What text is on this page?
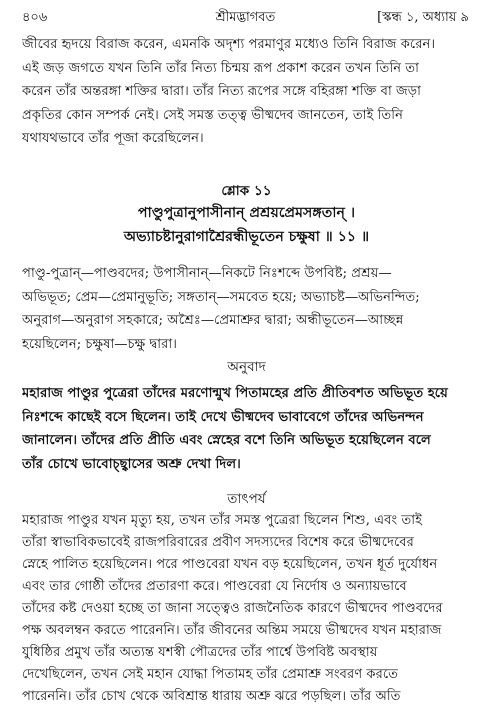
৪০৬	শ্রীমদ্ভাগবত	[স্কন্ধ ১, অধ্যায় ৯
জীবের হৃদয়ে বিরাজ করেন, এমনকি অদৃশ্য পরমাণুর মধ্যেও তিনি বিরাজ করেন।
এই জড় জগতে যখন তিনি তাঁর নিত্য চিন্ময় রূপ প্রকাশ করেন তখন তিনি তা
করেন তাঁর অন্তরঙ্গা শক্তির দ্বারা। তাঁর নিত্য রূপের সঙ্গে বহিরঙ্গা শক্তি বা জড়া
প্রকৃতির কোন সম্পর্ক নেই। সেই সমস্ত তত্ত্ব ভীষ্মদেব জানতেন, তাই তিনি
যথাযথভাবে তাঁর পূজা করেছিলেন।
শ্লোক ১১
পাণ্ডুপুত্রানুপাসীনান্ প্রশ্রয়প্রেমসঙ্গতান্ ।
অভ্যাচষ্টানুরাগাশ্রৈরন্ধীভূতেন চক্ষুষা ॥ ১১ ॥
পাণ্ডু-পুত্রান্—পাণ্ডবদের; উপাসীনান্—নিকটে নিঃশব্দে উপবিষ্ট; প্রশ্রয়—
অভিভূত; প্রেম—প্রেমানুভূতি; সঙ্গতান্—সমবেত হয়ে; অভ্যাচষ্ট—অভিনন্দিত;
অনুরাগ—অনুরাগ সহকারে; অশ্রৈঃ—প্রেমাশ্রুর দ্বারা; অন্ধীভূতেন—আচ্ছন্ন
হয়েছিলেন; চক্ষুষা—চক্ষু দ্বারা।
অনুবাদ
মহারাজ পাণ্ডুর পুত্রেরা তাঁদের মরণোন্মুখ পিতামহের প্রতি প্রীতিবশত অভিভূত হয়ে
নিঃশব্দে কাছেই বসে ছিলেন। তাই দেখে ভীষ্মদেব ভাবাবেগে তাঁদের অভিনন্দন
জানালেন। তাঁদের প্রতি প্রীতি এবং স্নেহের বশে তিনি অভিভূত হয়েছিলেন বলে
তাঁর চোখে ভাবোচ্ছ্বাসের অশ্রু দেখা দিল।
তাৎপর্য
মহারাজ পাণ্ডুর যখন মৃত্যু হয়, তখন তাঁর সমস্ত পুত্রেরা ছিলেন শিশু, এবং তাই
তাঁরা স্বাভাবিকভাবেই রাজপরিবারের প্রবীণ সদস্যদের বিশেষ করে ভীষ্মদেবের
স্নেহে পালিত হয়েছিলেন। পরে পাণ্ডবেরা যখন বড় হয়েছিলেন, তখন ধূর্ত দুর্যোধন
এবং তার গোষ্ঠী তাঁদের প্রতারণা করে। পাণ্ডবেরা যে নির্দোষ ও অন্যায়ভাবে
তাঁদের কষ্ট দেওয়া হচ্ছে তা জানা সত্ত্বেও রাজনৈতিক কারণে ভীষ্মদেব পাণ্ডবদের
পক্ষ অবলম্বন করতে পারেননি। তাঁর জীবনের অন্তিম সময়ে ভীষ্মদেব যখন মহারাজ
যুধিষ্ঠির প্রমুখ তাঁর অত্যন্ত যশস্বী পৌত্রদের তাঁর পার্শ্বে উপবিষ্ট অবস্থায়
দেখেছিলেন, তখন সেই মহান যোদ্ধা পিতামহ তাঁর প্রেমাশ্রু সংবরণ করতে
পারেননি। তাঁর চোখ থেকে অবিশ্রান্ত ধারায় অশ্রু ঝরে পড়ছিল। তাঁর অতি
